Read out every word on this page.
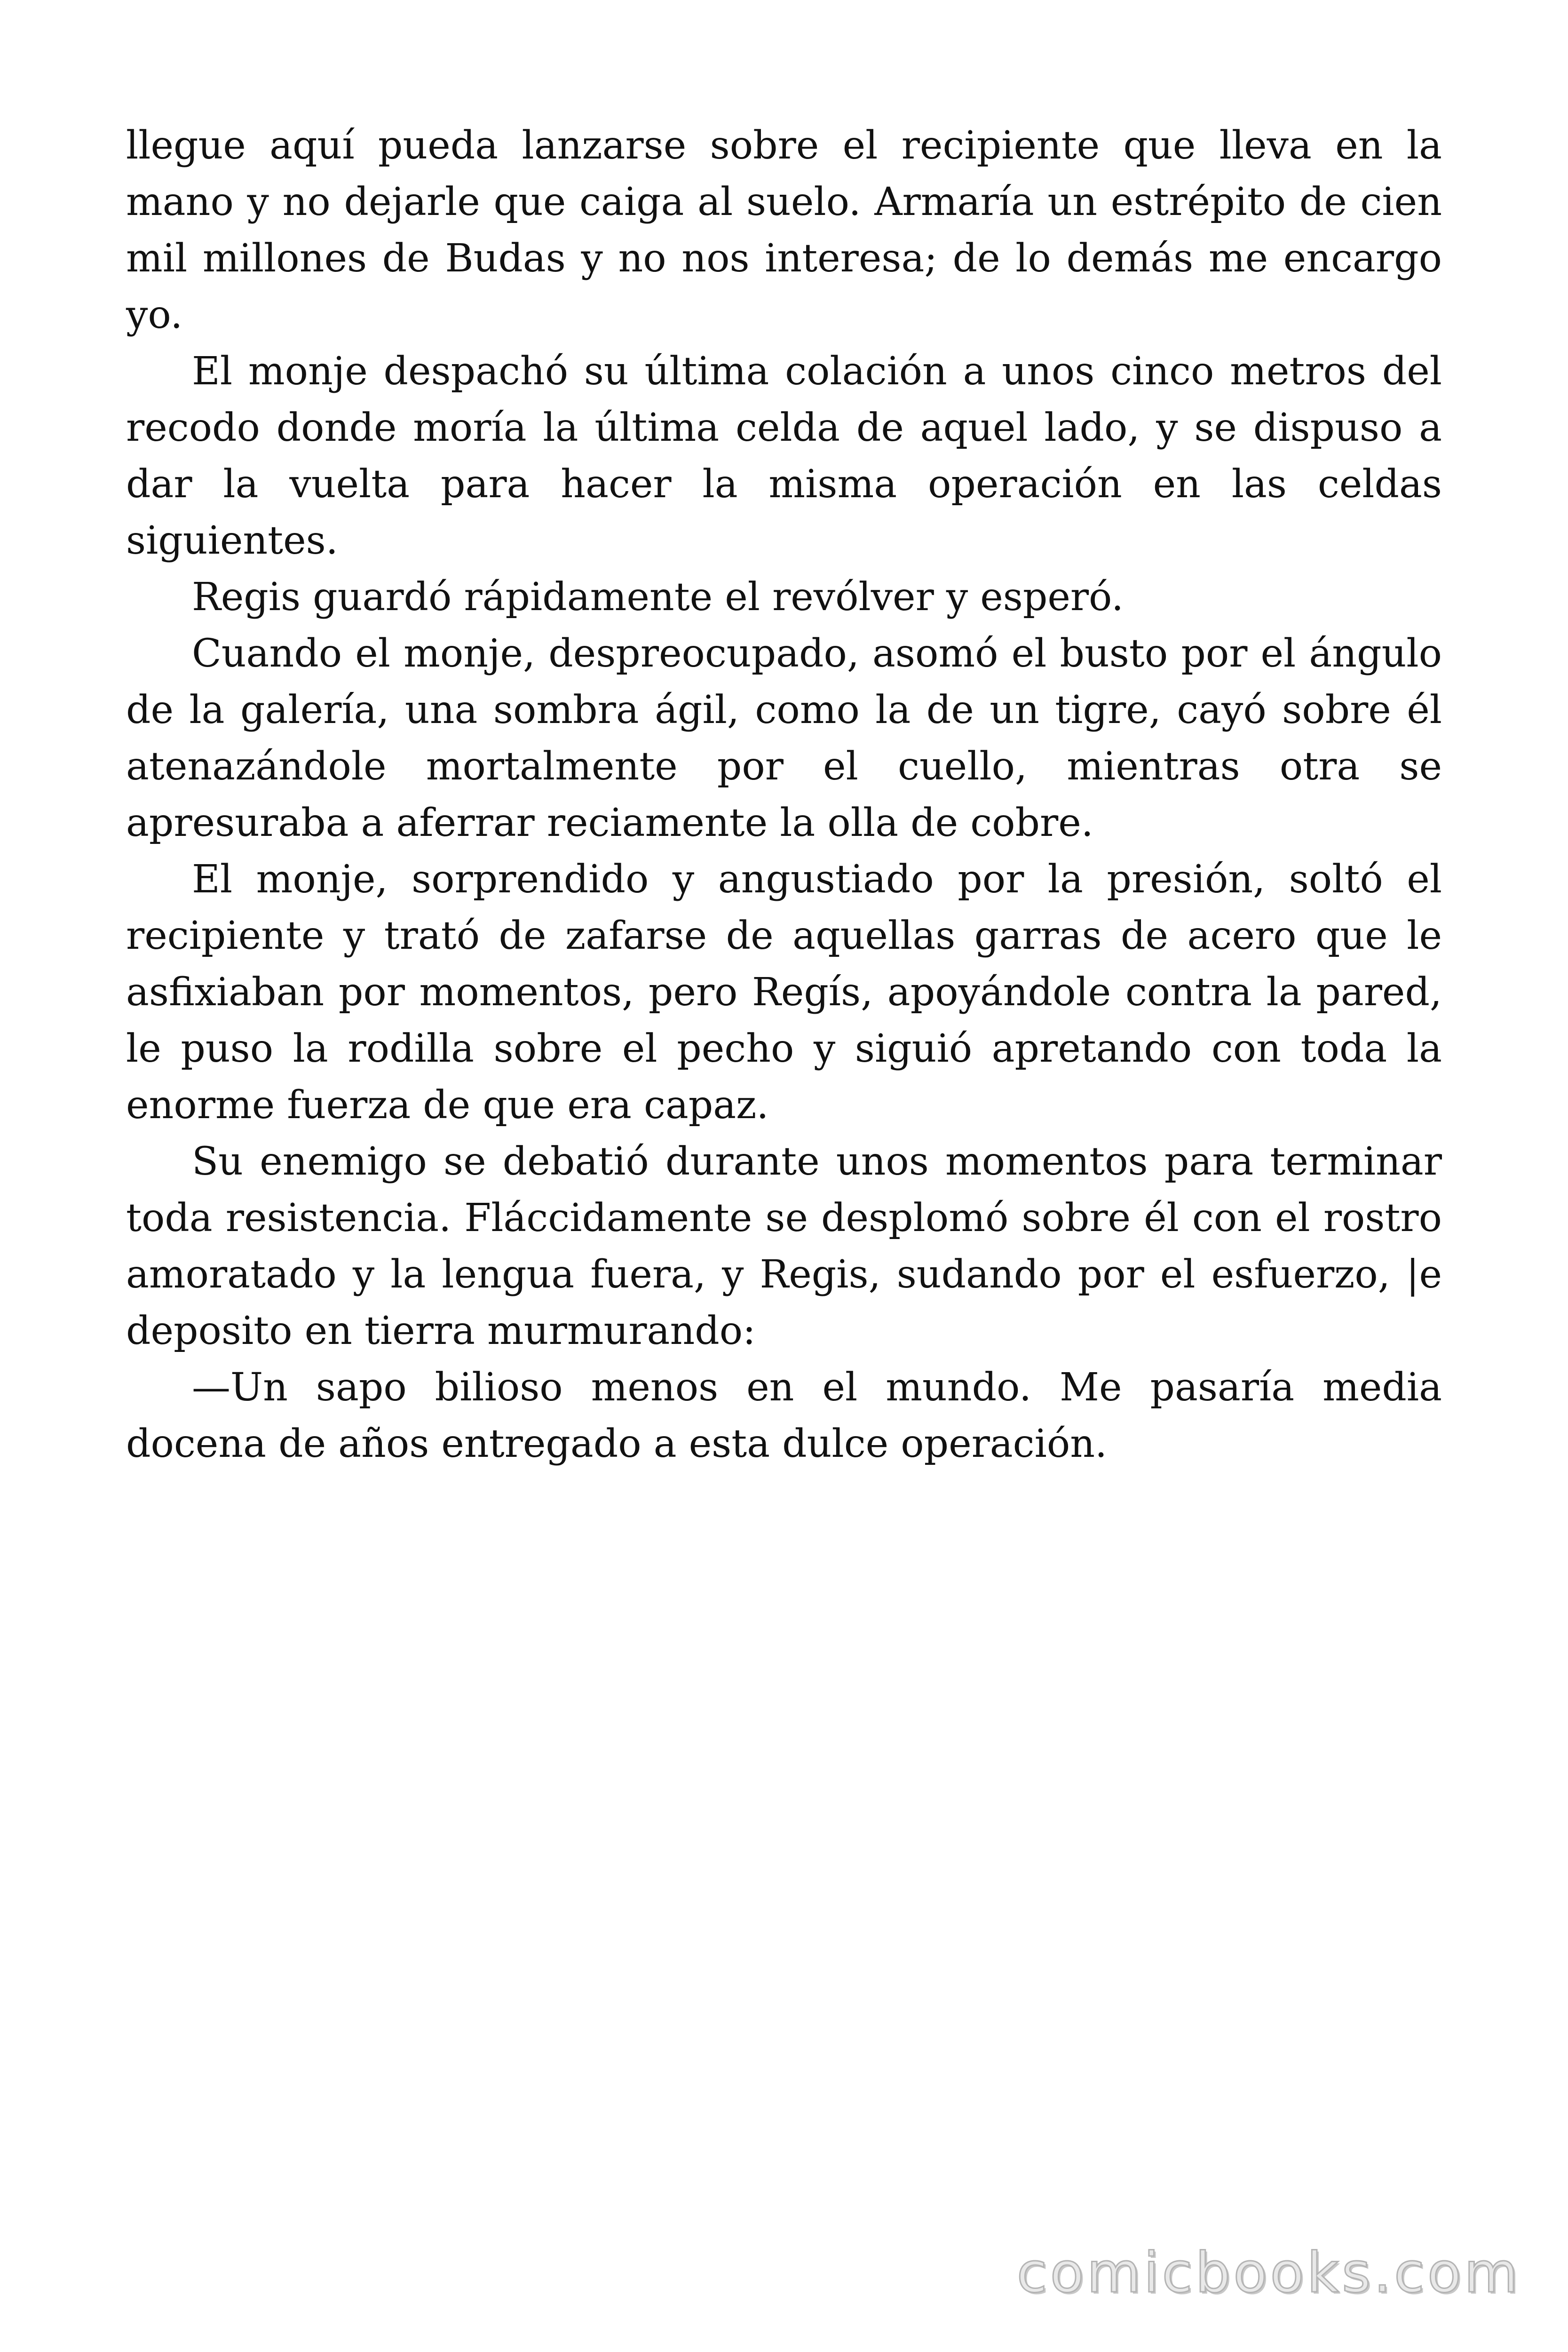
llegue aquí pueda lanzarse sobre el recipiente que lleva en la mano y no dejarle que caiga al suelo. Armaría un estrépito de cien mil millones de Budas y no nos interesa; de lo demás me encargo yo.

El monje despachó su última colación a unos cinco metros del recodo donde moría la última celda de aquel lado, y se dispuso a dar la vuelta para hacer la misma operación en las celdas siguientes.

Regis guardó rápidamente el revólver y esperó.

Cuando el monje, despreocupado, asomó el busto por el ángulo de la galería, una sombra ágil, como la de un tigre, cayó sobre él atenazándole mortalmente por el cuello, mientras otra se apresuraba a aferrar reciamente la olla de cobre.

El monje, sorprendido y angustiado por la presión, soltó el recipiente y trató de zafarse de aquellas garras de acero que le asfixiaban por momentos, pero Regís, apoyándole contra la pared, le puso la rodilla sobre el pecho y siguió apretando con toda la enorme fuerza de que era capaz.

Su enemigo se debatió durante unos momentos para terminar toda resistencia. Fláccidamente se desplomó sobre él con el rostro amoratado y la lengua fuera, y Regis, sudando por el esfuerzo, |e deposito en tierra murmurando:

—Un sapo bilioso menos en el mundo. Me pasaría media docena de años entregado a esta dulce operación.

comicbooks.com
